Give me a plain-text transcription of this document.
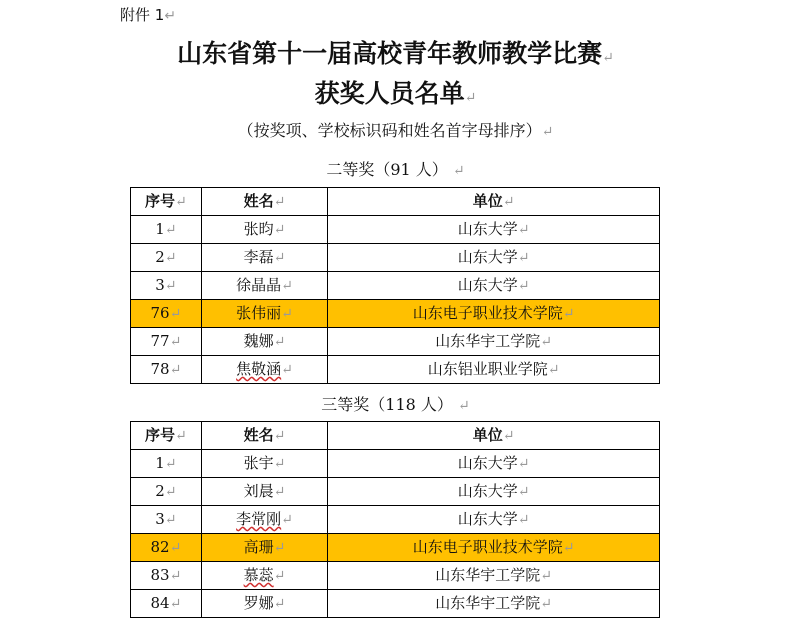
附件 1 ↵
山东省第十一届高校青年教师教学比赛 ↵
获奖人员名单 ↵
（按奖项、学校标识码和姓名首字母排序） ↵
二等奖（91 人） ↵
序号 ↵	姓名 ↵	单位 ↵
1 ↵	张昀 ↵	山东大学 ↵
2 ↵	李磊 ↵	山东大学 ↵
3 ↵	徐晶晶 ↵	山东大学 ↵
76 ↵	张伟丽 ↵	山东电子职业技术学院 ↵
77 ↵	魏娜 ↵	山东华宇工学院 ↵
78 ↵	焦敬涵 ↵	山东铝业职业学院 ↵
三等奖（118 人） ↵
序号 ↵	姓名 ↵	单位 ↵
1 ↵	张宇 ↵	山东大学 ↵
2 ↵	刘晨 ↵	山东大学 ↵
3 ↵	李常刚 ↵	山东大学 ↵
82 ↵	高珊 ↵	山东电子职业技术学院 ↵
83 ↵	慕蕊 ↵	山东华宇工学院 ↵
84 ↵	罗娜 ↵	山东华宇工学院 ↵
